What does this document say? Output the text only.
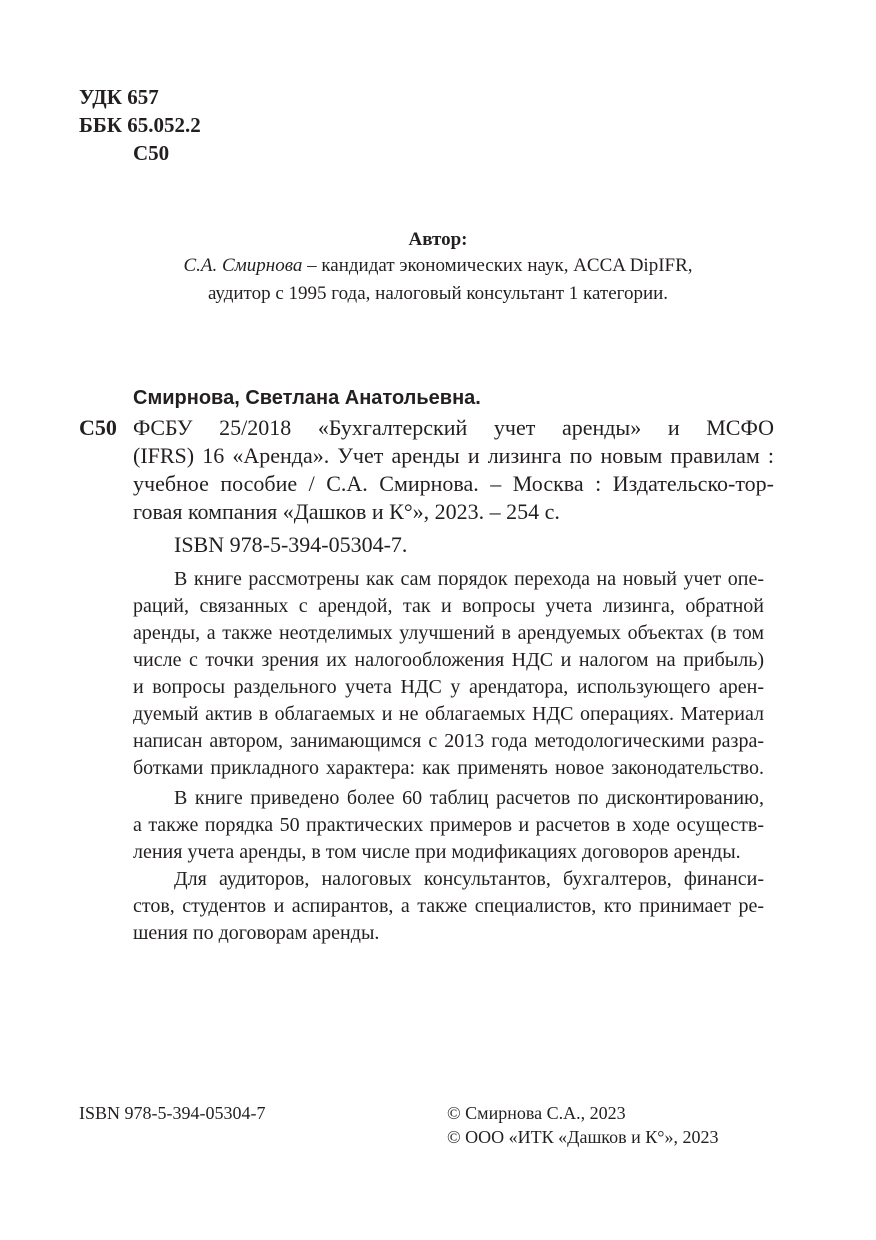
УДК 657
ББК 65.052.2
С50
Автор:
С.А. Смирнова – кандидат экономических наук, ACCA DipIFR,
аудитор с 1995 года, налоговый консультант 1 категории.
Смирнова, Светлана Анатольевна.
С50 ФСБУ 25/2018 «Бухгалтерский учет аренды» и МСФО
(IFRS) 16 «Аренда». Учет аренды и лизинга по новым правилам :
учебное пособие / С.А. Смирнова. – Москва : Издательско-тор-
говая компания «Дашков и К°», 2023. – 254 с.
ISBN 978-5-394-05304-7.
В книге рассмотрены как сам порядок перехода на новый учет опе-
раций, связанных с арендой, так и вопросы учета лизинга, обратной
аренды, а также неотделимых улучшений в арендуемых объектах (в том
числе с точки зрения их налогообложения НДС и налогом на прибыль)
и вопросы раздельного учета НДС у арендатора, использующего арен-
дуемый актив в облагаемых и не облагаемых НДС операциях. Материал
написан автором, занимающимся с 2013 года методологическими разра-
ботками прикладного характера: как применять новое законодательство.
В книге приведено более 60 таблиц расчетов по дисконтированию,
а также порядка 50 практических примеров и расчетов в ходе осуществ-
ления учета аренды, в том числе при модификациях договоров аренды.
Для аудиторов, налоговых консультантов, бухгалтеров, финанси-
стов, студентов и аспирантов, а также специалистов, кто принимает ре-
шения по договорам аренды.
ISBN 978-5-394-05304-7	© Смирнова С.А., 2023
© ООО «ИТК «Дашков и К°», 2023
